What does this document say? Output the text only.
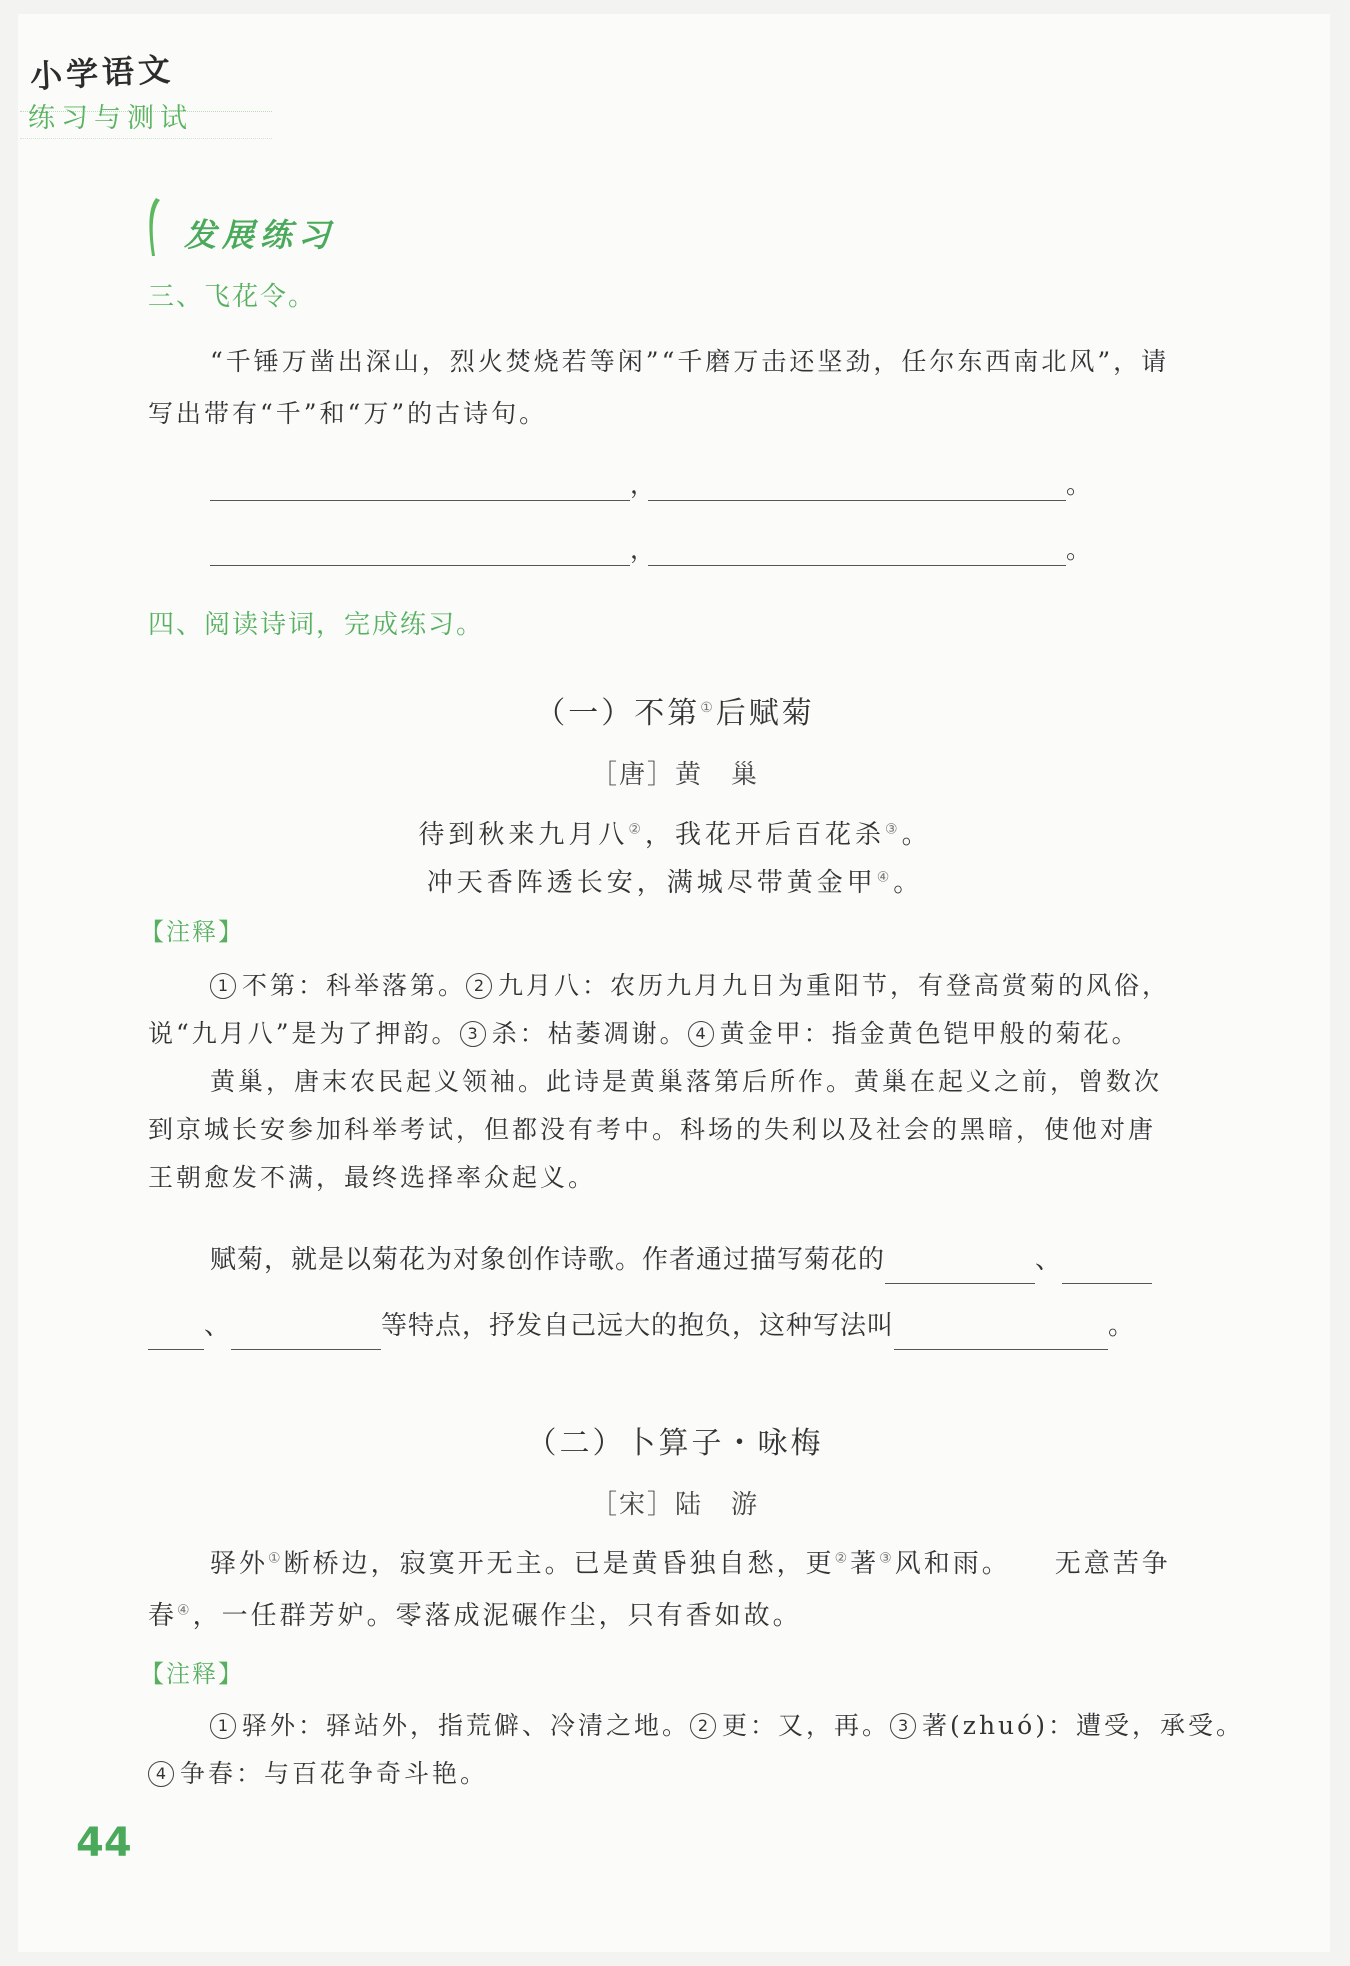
小学语文
练习与测试
发展练习
三、飞花令。
“千锤万凿出深山，烈火焚烧若等闲”“千磨万击还坚劲，任尔东西南北风”，请
写出带有“千”和“万”的古诗句。
，	。
，	。
四、阅读诗词，完成练习。
（一）不第①后赋菊
［唐］黄　巢
待到秋来九月八②，我花开后百花杀③。
冲天香阵透长安，满城尽带黄金甲④。
【注释】
1 不第：科举落第。 2 九月八：农历九月九日为重阳节，有登高赏菊的风俗，
说“九月八”是为了押韵。 3 杀：枯萎凋谢。 4 黄金甲：指金黄色铠甲般的菊花。
黄巢，唐末农民起义领袖。此诗是黄巢落第后所作。黄巢在起义之前，曾数次
到京城长安参加科举考试，但都没有考中。科场的失利以及社会的黑暗，使他对唐
王朝愈发不满，最终选择率众起义。
赋菊，就是以菊花为对象创作诗歌。作者通过描写菊花的	、
、	等特点，抒发自己远大的抱负，这种写法叫	。
（二）卜算子・咏梅
［宋］陆　游
驿外①断桥边，寂寞开无主。已是黄昏独自愁，更②著③风和雨。 无意苦争
春④，一任群芳妒。零落成泥碾作尘，只有香如故。
【注释】
1 驿外：驿站外，指荒僻、冷清之地。 2 更：又，再。 3 著(zhuó)：遭受，承受。
4 争春：与百花争奇斗艳。
44
